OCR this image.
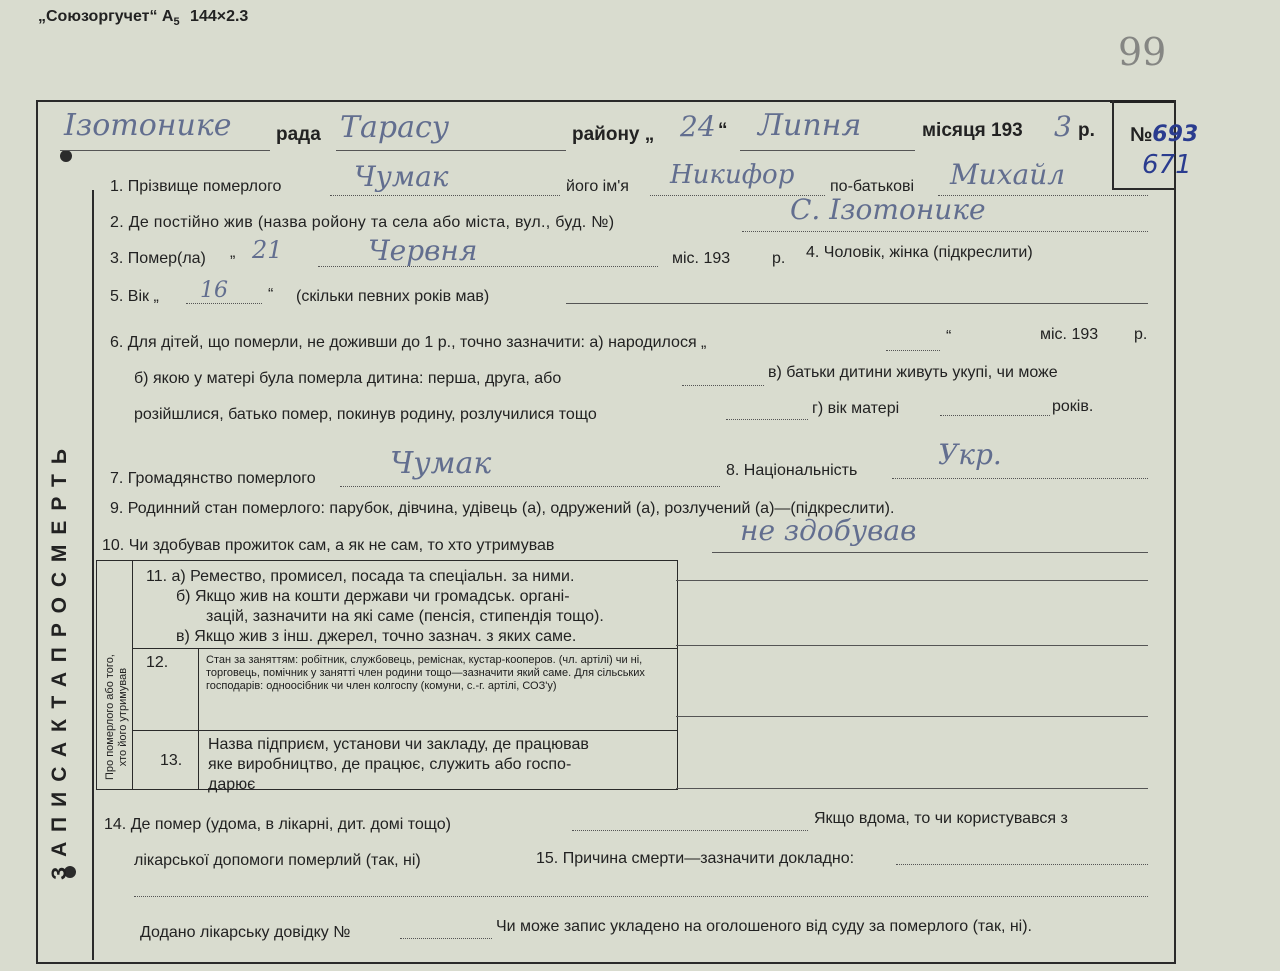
„Союзоргучет“ $А_5$ 144×2.3
99
ЗАПИСАКТАПРОСМЕРТЬ
Ізотонике рада Тарасу	району „ 24 “ Липня	місяця 193 3 р. №693
671
1. Прізвище померлого	Чумак	його ім'я Никифор по-батькові Михайл
2. Де постійно жив (назва ройону та села або міста, вул., буд. №)	С. Ізотонике
3. Помер(ла) „ 21	Червня	міс. 193	р. 4. Чоловік, жінка (підкреслити)
5. Вік „ 16	“ (скільки певних років мав)
6. Для дітей, що померли, не доживши до 1 р., точно зазначити: а) народилося „	“	міс. 193 р.
б) якою у матері була померла дитина: перша, друга, або	в) батьки дитини живуть укупі, чи може
розійшлися, батько помер, покинув родину, розлучилися тощо	г) вік матері	років.
7. Громадянство померлого Чумак	8. Національність	Укр.
9. Родинний стан померлого: парубок, дівчина, удівець (а), одружений (а), розлучений (а)—(підкреслити).
10. Чи здобував прожиток сам, а як не сам, то хто утримував	не здобував
Про померлого або того, хто його утримував
11. а) Ремество, промисел, посада та спеціальн. за ними.
б) Якщо жив на кошти держави чи громадськ. органі-
зацій, зазначити на які саме (пенсія, стипендія тощо).
в) Якщо жив з інш. джерел, точно зазнач. з яких саме.
12.	Стан за заняттям: робітник, службовець, реміснак, кустар-кооперов. (чл. артілі) чи ні, торговець, помічник у занятті член родини тощо—зазначити який саме. Для сільських господарів: одноосібник чи член колгоспу (комуни, с.-г. артілі, СОЗ'у)
13.
Назва підприєм, установи чи закладу, де працював
яке виробництво, де працює, служить або госпо-
дарює
14. Де помер (удома, в лікарні, дит. домі тощо)	Якщо вдома, то чи користувався з
лікарської допомоги померлий (так, ні)	15. Причина смерти—зазначити докладно:
Додано лікарську довідку №	Чи може запис укладено на оголошеного від суду за померлого (так, ні).
